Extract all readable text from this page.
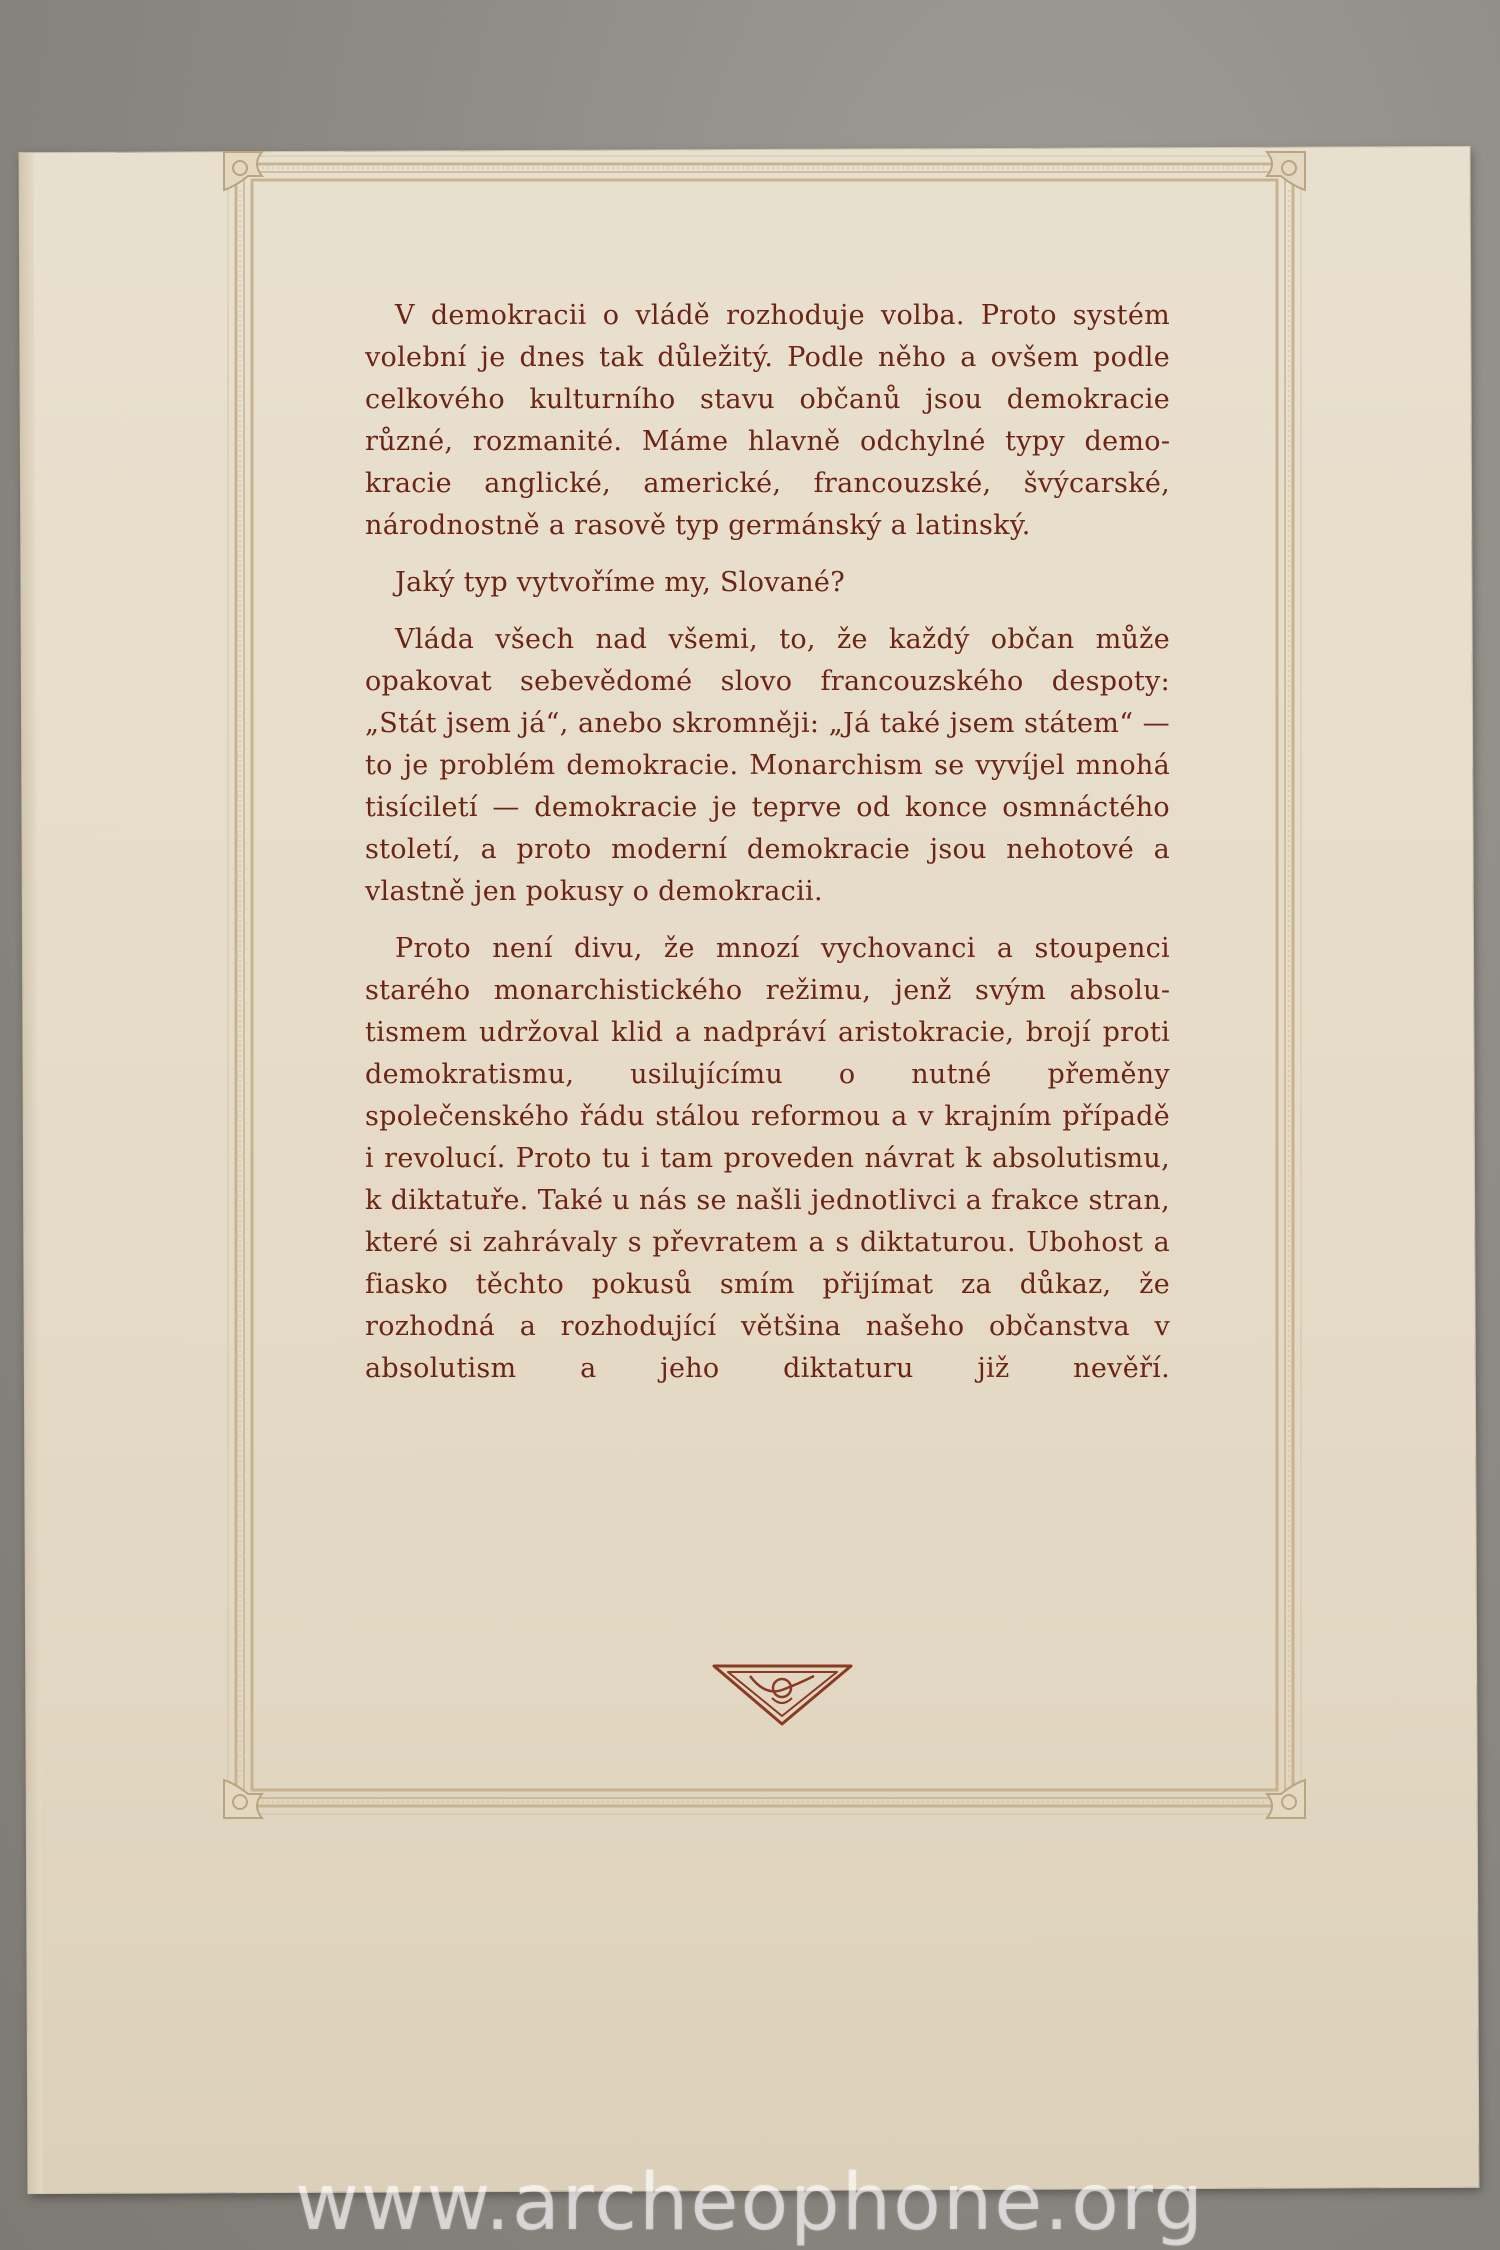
V demokracii o vládě rozhoduje volba. Proto systém volební je dnes tak důležitý. Podle něho a ovšem podle celkového kulturního stavu občanů jsou demokracie různé, rozmanité. Máme hlavně odchylné typy demokracie anglické, americké, francouzské, švýcarské, národnostně a rasově typ germánský a latinský.

Jaký typ vytvoříme my, Slované?

Vláda všech nad všemi, to, že každý občan může opakovat sebevědomé slovo francouzského despoty: „Stát jsem já“, anebo skromněji: „Já také jsem státem“ — to je problém demokracie. Monarchism se vyvíjel mnohá tisíciletí — demokracie je teprve od konce osmnáctého století, a proto moderní demokracie jsou nehotové a vlastně jen pokusy o demokracii.

Proto není divu, že mnozí vychovanci a stoupenci starého monarchistického režimu, jenž svým absolutismem udržoval klid a nadpráví aristokracie, brojí proti demokratismu, usilujícímu o nutné přeměny společenského řádu stálou reformou a v krajním případě i revolucí. Proto tu i tam proveden návrat k absolutismu, k diktatuře. Také u nás se našli jednotlivci a frakce stran, které si zahrávaly s převratem a s diktaturou. Ubohost a fiasko těchto pokusů smím přijímat za důkaz, že rozhodná a rozhodující většina našeho občanstva v absolutism a jeho diktaturu již nevěří.

www.archeophone.org
